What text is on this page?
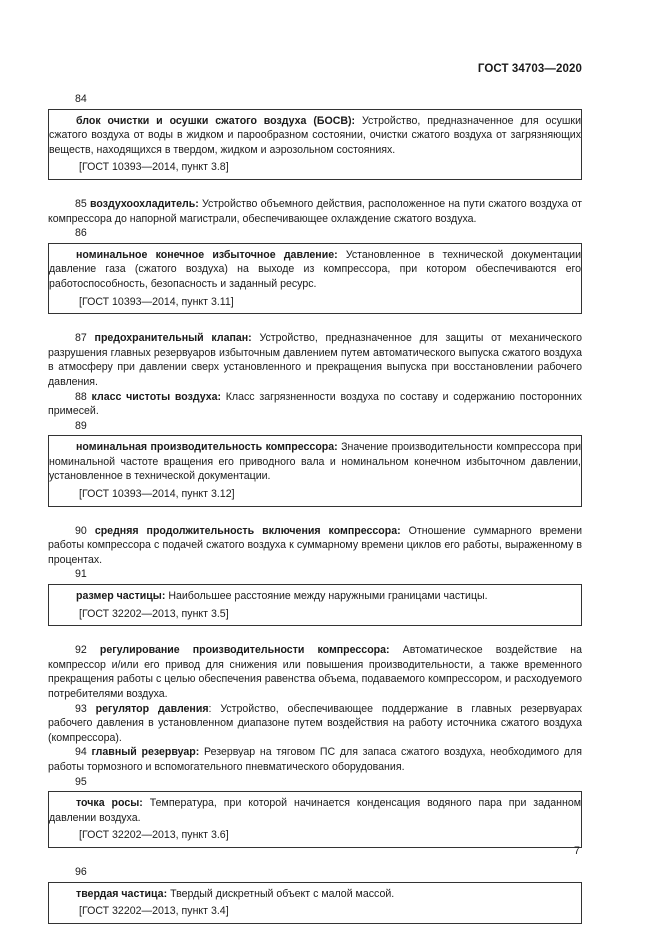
ГОСТ 34703—2020
84

блок очистки и осушки сжатого воздуха (БОСВ): Устройство, предназначенное для осушки сжатого воздуха от воды в жидком и парообразном состоянии, очистки сжатого воздуха от загрязняющих веществ, находящихся в твердом, жидком и аэрозольном состояниях.

[ГОСТ 10393—2014, пункт 3.8]

85 воздухоохладитель: Устройство объемного действия, расположенное на пути сжатого воздуха от компрессора до напорной магистрали, обеспечивающее охлаждение сжатого воздуха.

86

номинальное конечное избыточное давление: Установленное в технической документации давление газа (сжатого воздуха) на выходе из компрессора, при котором обеспечиваются его работоспособность, безопасность и заданный ресурс.

[ГОСТ 10393—2014, пункт 3.11]

87 предохранительный клапан: Устройство, предназначенное для защиты от механического разрушения главных резервуаров избыточным давлением путем автоматического выпуска сжатого воздуха в атмосферу при давлении сверх установленного и прекращения выпуска при восстановлении рабочего давления.

88 класс чистоты воздуха: Класс загрязненности воздуха по составу и содержанию посторонних примесей.

89

номинальная производительность компрессора: Значение производительности компрессора при номинальной частоте вращения его приводного вала и номинальном конечном избыточном давлении, установленное в технической документации.

[ГОСТ 10393—2014, пункт 3.12]

90 средняя продолжительность включения компрессора: Отношение суммарного времени работы компрессора с подачей сжатого воздуха к суммарному времени циклов его работы, выраженному в процентах.

91

размер частицы: Наибольшее расстояние между наружными границами частицы.

[ГОСТ 32202—2013, пункт 3.5]

92 регулирование производительности компрессора: Автоматическое воздействие на компрессор и/или его привод для снижения или повышения производительности, а также временного прекращения работы с целью обеспечения равенства объема, подаваемого компрессором, и расходуемого потребителями воздуха.

93 регулятор давления: Устройство, обеспечивающее поддержание в главных резервуарах рабочего давления в установленном диапазоне путем воздействия на работу источника сжатого воздуха (компрессора).

94 главный резервуар: Резервуар на тяговом ПС для запаса сжатого воздуха, необходимого для работы тормозного и вспомогательного пневматического оборудования.

95

точка росы: Температура, при которой начинается конденсация водяного пара при заданном давлении воздуха.

[ГОСТ 32202—2013, пункт 3.6]
96

твердая частица: Твердый дискретный объект с малой массой.

[ГОСТ 32202—2013, пункт 3.4]
7
